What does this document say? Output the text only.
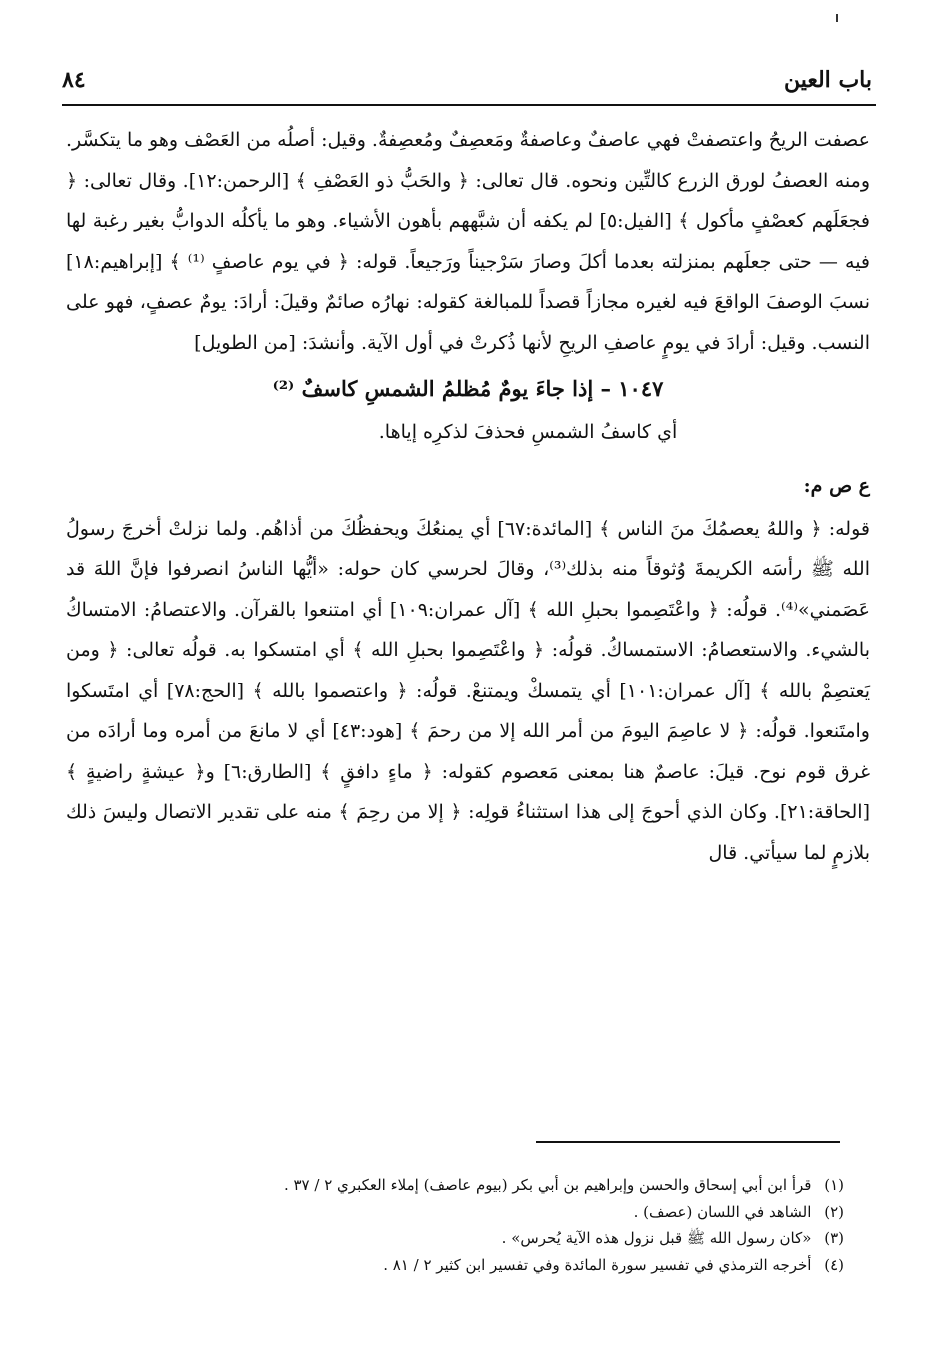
باب العين
٨٤

عصفت الريحُ واعتصفتْ فهي عاصفٌ وعاصفةٌ ومَعصِفٌ ومُعصِفةٌ. وقيل: أصلُه من العَصْف وهو ما يتكسَّر. ومنه العصفُ لورق الزرع كالتِّين ونحوه. قال تعالى: ﴿ والحَبُّ ذو العَصْفِ ﴾ [الرحمن:١٢]. وقال تعالى: ﴿ فجعَلَهم كعصْفٍ مأكول ﴾ [الفيل:٥] لم يكفه أن شبَّههم بأهون الأشياء. وهو ما يأكلُه الدوابُّ بغير رغبة لها فيه — حتى جعلَهم بمنزلته بعدما أكلَ وصارَ سَرْجيناً ورَجيعاً. قوله: ﴿ في يوم عاصفٍ ⁽¹⁾ ﴾ [إبراهيم:١٨] نسبَ الوصفَ الواقعَ فيه لغيره مجازاً قصداً للمبالغة كقوله: نهارُه صائمٌ وقيلَ: أرادَ: يومٌ عصفٍ، فهو على النسب. وقيل: أرادَ في يومٍ عاصفِ الريحِ لأنها ذُكرتْ في أول الآية. وأنشدَ: [من الطويل]

١٠٤٧ – إذا جاءَ يومٌ مُظلمُ الشمسِ كاسفٌ ⁽²⁾

أي كاسفُ الشمسِ فحذفَ لذكرِه إياها.

ع ص م:

قوله: ﴿ واللهُ يعصمُكَ منَ الناس ﴾ [المائدة:٦٧] أي يمنعُكَ ويحفظُكَ من أذاهُم. ولما نزلتْ أخرجَ رسولُ الله ﷺ رأسَه الكريمةَ وُثوقاً منه بذلك⁽³⁾، وقالَ لحرسي كان حوله: «أيُّها الناسُ انصرفوا فإنَّ اللهَ قد عَصَمني»⁽⁴⁾. قولُه: ﴿ واعْتَصِموا بحبلِ الله ﴾ [آل عمران:١٠٩] أي امتنعوا بالقرآن. والاعتصامُ: الامتساكُ بالشيء. والاستعصامُ: الاستمساكُ. قولُه: ﴿ واعْتَصِموا بحبلِ الله ﴾ أي امتسكوا به. قولُه تعالى: ﴿ ومن يَعتصِمْ بالله ﴾ [آل عمران:١٠١] أي يتمسكْ ويمتنعْ. قولُه: ﴿ واعتصموا بالله ﴾ [الحج:٧٨] أي امتَسكوا وامتَنعوا. قولُه: ﴿ لا عاصِمَ اليومَ من أمر الله إلا من رحمَ ﴾ [هود:٤٣] أي لا مانعَ من أمره وما أرادَه من غرق قوم نوح. قيلَ: عاصمٌ هنا بمعنى مَعصوم كقوله: ﴿ ماءٍ دافقٍ ﴾ [الطارق:٦] و﴿ عيشةٍ راضيةٍ ﴾ [الحاقة:٢١]. وكان الذي أحوجَ إلى هذا استثناءُ قولِه: ﴿ إلا من رحِمَ ﴾ منه على تقدير الاتصال وليسَ ذلك بلازمٍ لما سيأتي. قال

(١) قرأ ابن أبي إسحاق والحسن وإبراهيم بن أبي بكر (بيوم عاصف) إملاء العكبري ٢ / ٣٧ .
(٢) الشاهد في اللسان (عصف) .
(٣) «كان رسول الله ﷺ قبل نزول هذه الآية يُحرس» .
(٤) أخرجه الترمذي في تفسير سورة المائدة وفي تفسير ابن كثير ٢ / ٨١ .
